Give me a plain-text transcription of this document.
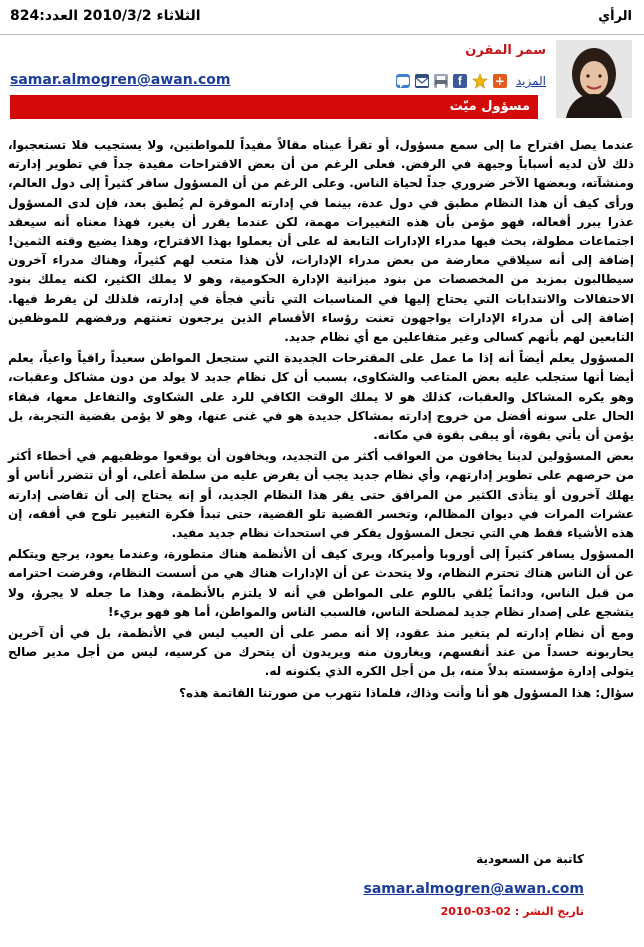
الرأي
الثلاثاء 2010/3/2 العدد:824
سمر المقرن
المزيد
+
f
samar.almogren@awan.com
مسؤول ميّت

عندما يصل اقتراح ما إلى سمع مسؤول، أو تقرأ عيناه مقالاً مفيداً للمواطنين، ولا يستجيب فلا تستعجبوا، ذلك لأن لديه أسباباً وجيهة في الرفض. فعلى الرغم من أن بعض الاقتراحات مفيدة جداً في تطوير إدارته ومنشآته، وبعضها الآخر ضروري جداً لحياة الناس. وعلى الرغم من أن المسؤول سافر كثيراً إلى دول العالم، ورأى كيف أن هذا النظام مطبق في دول عدة، بينما في إدارته الموقرة لم يُطبق بعد، فإن لدى المسؤول عذرا يبرر أفعاله، فهو مؤمن بأن هذه التغييرات مهمة، لكن عندما يقرر أن يغير، فهذا معناه أنه سيعقد اجتماعات مطولة، بحث فيها مدراء الإدارات التابعة له على أن يعملوا بهذا الاقتراح، وهذا يضيع وقته الثمين! إضافة إلى أنه سيلاقي معارضة من بعض مدراء الإدارات، لأن هذا متعب لهم كثيراً، وهناك مدراء آخرون سيطالبون بمزيد من المخصصات من بنود ميزانية الإدارة الحكومية، وهو لا يملك الكثير، لكنه يملك بنود الاحتفالات والانتدابات التي يحتاج إليها في المناسبات التي تأتي فجأة في إدارته، فلذلك لن يفرط فيها. إضافة إلى أن مدراء الإدارات يواجهون تعنت رؤساء الأقسام الذين يرجعون تعنتهم ورفضهم للموظفين التابعين لهم بأنهم كسالى وغير متفاعلين مع أي نظام جديد.

المسؤول يعلم أيضاً أنه إذا ما عمل على المقترحات الجديدة التي ستجعل المواطن سعيداً راقياً واعياً، يعلم أيضا أنها ستجلب عليه بعض المتاعب والشكاوى، بسبب أن كل نظام جديد لا يولد من دون مشاكل وعقبات، وهو يكره المشاكل والعقبات، كذلك هو لا يملك الوقت الكافي للرد على الشكاوى والتفاعل معها، فبقاء الحال على سونه أفضل من خروج إدارته بمشاكل جديدة هو في غنى عنها، وهو لا يؤمن بقضية التجربة، بل يؤمن أن يأتي بقوة، أو يبقى بقوة في مكانه.

بعض المسؤولين لدينا يخافون من العواقب أكثر من التجديد، ويخافون أن يوقعوا موظفيهم في أخطاء أكثر من حرصهم على تطوير إدارتهم، وأي نظام جديد يجب أن يفرض عليه من سلطة أعلى، أو أن تتضرر أناس أو يهلك آخرون أو يتأذى الكثير من المرافق حتى يقر هذا النظام الجديد، أو إنه يحتاج إلى أن تقاضى إدارته عشرات المرات في ديوان المظالم، وتخسر القضية تلو القضية، حتى تبدأ فكرة التغيير تلوح في أفقه، إن هذه الأشياء فقط هي التي تجعل المسؤول يفكر في استحداث نظام جديد مفيد.

المسؤول يسافر كثيراً إلى أوروبا وأميركا، ويرى كيف أن الأنظمة هناك متطورة، وعندما يعود، يرجع ويتكلم عن أن الناس هناك تحترم النظام، ولا يتحدث عن أن الإدارات هناك هي من أسست النظام، وفرضت احترامه من قبل الناس، ودائماً يُلقي باللوم على المواطن في أنه لا يلتزم بالأنظمة، وهذا ما جعله لا يجرؤ، ولا يتشجع على إصدار نظام جديد لمصلحة الناس، فالسبب الناس والمواطن، أما هو فهو بريء!

ومع أن نظام إدارته لم يتغير منذ عقود، إلا أنه مصر على أن العيب ليس في الأنظمة، بل في أن آخرين يحاربونه حسداً من عند أنفسهم، ويغارون منه ويريدون أن يتحرك من كرسيه، ليس من أجل مدير صالح يتولى إدارة مؤسسته بدلاً منه، بل من أجل الكره الذي يكنونه له.

سؤال: هذا المسؤول هو أنا وأنت وذاك، فلماذا نتهرب من صورتنا القاتمة هذه؟

كاتبة من السعودية
samar.almogren@awan.com
تاريخ النشر : 02-03-2010
